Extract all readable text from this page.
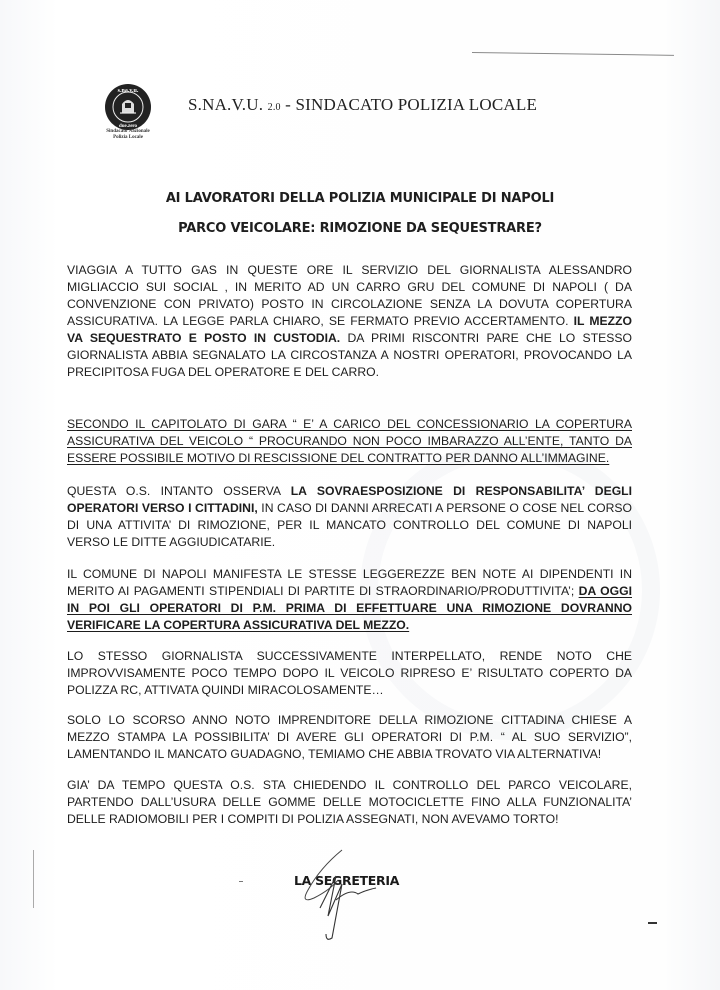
s.na.v.u.
due.zero
Sindacato Nazionale
Polizia Locale
S.NA.V.U. 2.0 - SINDACATO POLIZIA LOCALE
AI LAVORATORI DELLA POLIZIA MUNICIPALE DI NAPOLI
PARCO VEICOLARE: RIMOZIONE DA SEQUESTRARE?

VIAGGIA A TUTTO GAS IN QUESTE ORE IL SERVIZIO DEL GIORNALISTA ALESSANDRO MIGLIACCIO SUI SOCIAL , IN MERITO AD UN CARRO GRU DEL COMUNE DI NAPOLI ( DA CONVENZIONE CON PRIVATO) POSTO IN CIRCOLAZIONE SENZA LA DOVUTA COPERTURA ASSICURATIVA. LA LEGGE PARLA CHIARO, SE FERMATO PREVIO ACCERTAMENTO. IL MEZZO VA SEQUESTRATO E POSTO IN CUSTODIA. DA PRIMI RISCONTRI PARE CHE LO STESSO GIORNALISTA ABBIA SEGNALATO LA CIRCOSTANZA A NOSTRI OPERATORI, PROVOCANDO LA PRECIPITOSA FUGA DEL OPERATORE E DEL CARRO.

SECONDO IL CAPITOLATO DI GARA “ E’ A CARICO DEL CONCESSIONARIO LA COPERTURA ASSICURATIVA DEL VEICOLO “ PROCURANDO NON POCO IMBARAZZO ALL’ENTE, TANTO DA ESSERE POSSIBILE MOTIVO DI RESCISSIONE DEL CONTRATTO PER DANNO ALL’IMMAGINE.

QUESTA O.S. INTANTO OSSERVA LA SOVRAESPOSIZIONE DI RESPONSABILITA’ DEGLI OPERATORI VERSO I CITTADINI, IN CASO DI DANNI ARRECATI A PERSONE O COSE NEL CORSO DI UNA ATTIVITA’ DI RIMOZIONE, PER IL MANCATO CONTROLLO DEL COMUNE DI NAPOLI VERSO LE DITTE AGGIUDICATARIE.

IL COMUNE DI NAPOLI MANIFESTA LE STESSE LEGGEREZZE BEN NOTE AI DIPENDENTI IN MERITO AI PAGAMENTI STIPENDIALI DI PARTITE DI STRAORDINARIO/PRODUTTIVITA’; DA OGGI IN POI GLI OPERATORI DI P.M. PRIMA DI EFFETTUARE UNA RIMOZIONE DOVRANNO VERIFICARE LA COPERTURA ASSICURATIVA DEL MEZZO.

LO STESSO GIORNALISTA SUCCESSIVAMENTE INTERPELLATO, RENDE NOTO CHE IMPROVVISAMENTE POCO TEMPO DOPO IL VEICOLO RIPRESO E’ RISULTATO COPERTO DA POLIZZA RC, ATTIVATA QUINDI MIRACOLOSAMENTE…

SOLO LO SCORSO ANNO NOTO IMPRENDITORE DELLA RIMOZIONE CITTADINA CHIESE A MEZZO STAMPA LA POSSIBILITA’ DI AVERE GLI OPERATORI DI P.M. “ AL SUO SERVIZIO”, LAMENTANDO IL MANCATO GUADAGNO, TEMIAMO CHE ABBIA TROVATO VIA ALTERNATIVA!

GIA’ DA TEMPO QUESTA O.S. STA CHIEDENDO IL CONTROLLO DEL PARCO VEICOLARE, PARTENDO DALL’USURA DELLE GOMME DELLE MOTOCICLETTE FINO ALLA FUNZIONALITA’ DELLE RADIOMOBILI PER I COMPITI DI POLIZIA ASSEGNATI, NON AVEVAMO TORTO!

LA SEGRETERIA
